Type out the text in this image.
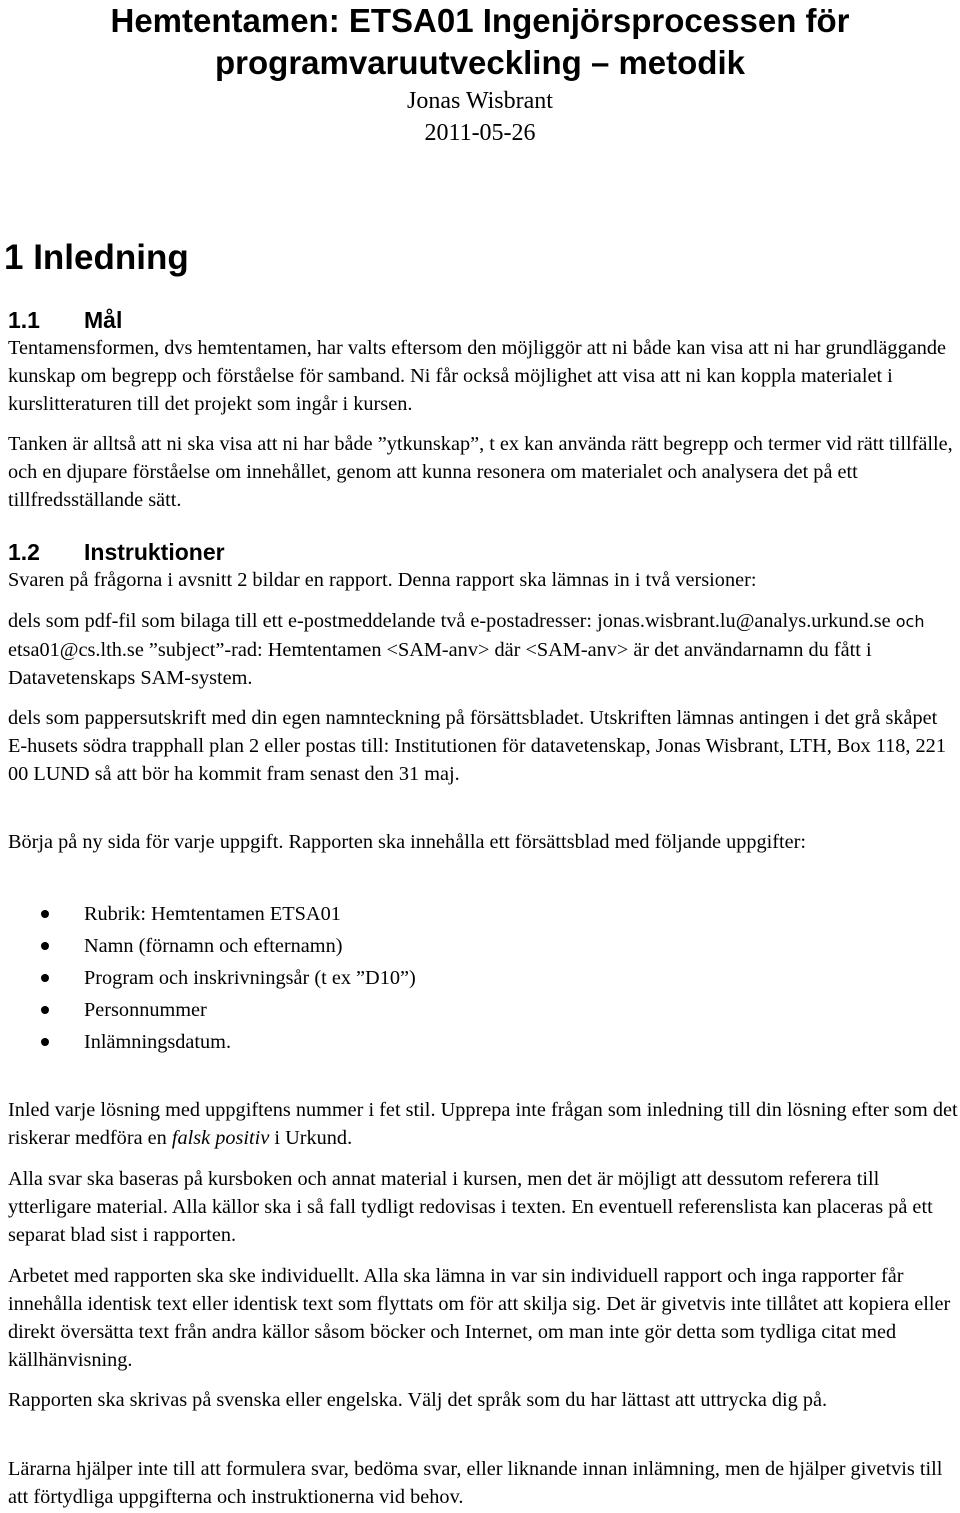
Hemtentamen: ETSA01 Ingenjörsprocessen för
programvaruutveckling – metodik
Jonas Wisbrant
2011-05-26
1 Inledning
1.1 Mål
Tentamensformen, dvs hemtentamen, har valts eftersom den möjliggör att ni både kan visa att ni har grundläggande kunskap om begrepp och förståelse för samband. Ni får också möjlighet att visa att ni kan koppla materialet i kurslitteraturen till det projekt som ingår i kursen.
Tanken är alltså att ni ska visa att ni har både ”ytkunskap”, t ex kan använda rätt begrepp och termer vid rätt tillfälle, och en djupare förståelse om innehållet, genom att kunna resonera om materialet och analysera det på ett tillfredsställande sätt.
1.2 Instruktioner
Svaren på frågorna i avsnitt 2 bildar en rapport. Denna rapport ska lämnas in i två versioner:
dels som pdf-fil som bilaga till ett e-postmeddelande två e-postadresser: jonas.wisbrant.lu@analys.urkund.se och etsa01@cs.lth.se ”subject”-rad: Hemtentamen <SAM-anv> där <SAM-anv> är det användarnamn du fått i Datavetenskaps SAM-system.
dels som pappersutskrift med din egen namnteckning på försättsbladet. Utskriften lämnas antingen i det grå skåpet E-husets södra trapphall plan 2 eller postas till: Institutionen för datavetenskap, Jonas Wisbrant, LTH, Box 118, 221 00 LUND så att bör ha kommit fram senast den 31 maj.
Börja på ny sida för varje uppgift. Rapporten ska innehålla ett försättsblad med följande uppgifter:
Rubrik: Hemtentamen ETSA01
Namn (förnamn och efternamn)
Program och inskrivningsår (t ex ”D10”)
Personnummer
Inlämningsdatum.
Inled varje lösning med uppgiftens nummer i fet stil. Upprepa inte frågan som inledning till din lösning efter som det riskerar medföra en falsk positiv i Urkund.
Alla svar ska baseras på kursboken och annat material i kursen, men det är möjligt att dessutom referera till ytterligare material. Alla källor ska i så fall tydligt redovisas i texten. En eventuell referenslista kan placeras på ett separat blad sist i rapporten.
Arbetet med rapporten ska ske individuellt. Alla ska lämna in var sin individuell rapport och inga rapporter får innehålla identisk text eller identisk text som flyttats om för att skilja sig. Det är givetvis inte tillåtet att kopiera eller direkt översätta text från andra källor såsom böcker och Internet, om man inte gör detta som tydliga citat med källhänvisning.
Rapporten ska skrivas på svenska eller engelska. Välj det språk som du har lättast att uttrycka dig på.
Lärarna hjälper inte till att formulera svar, bedöma svar, eller liknande innan inlämning, men de hjälper givetvis till att förtydliga uppgifterna och instruktionerna vid behov.
